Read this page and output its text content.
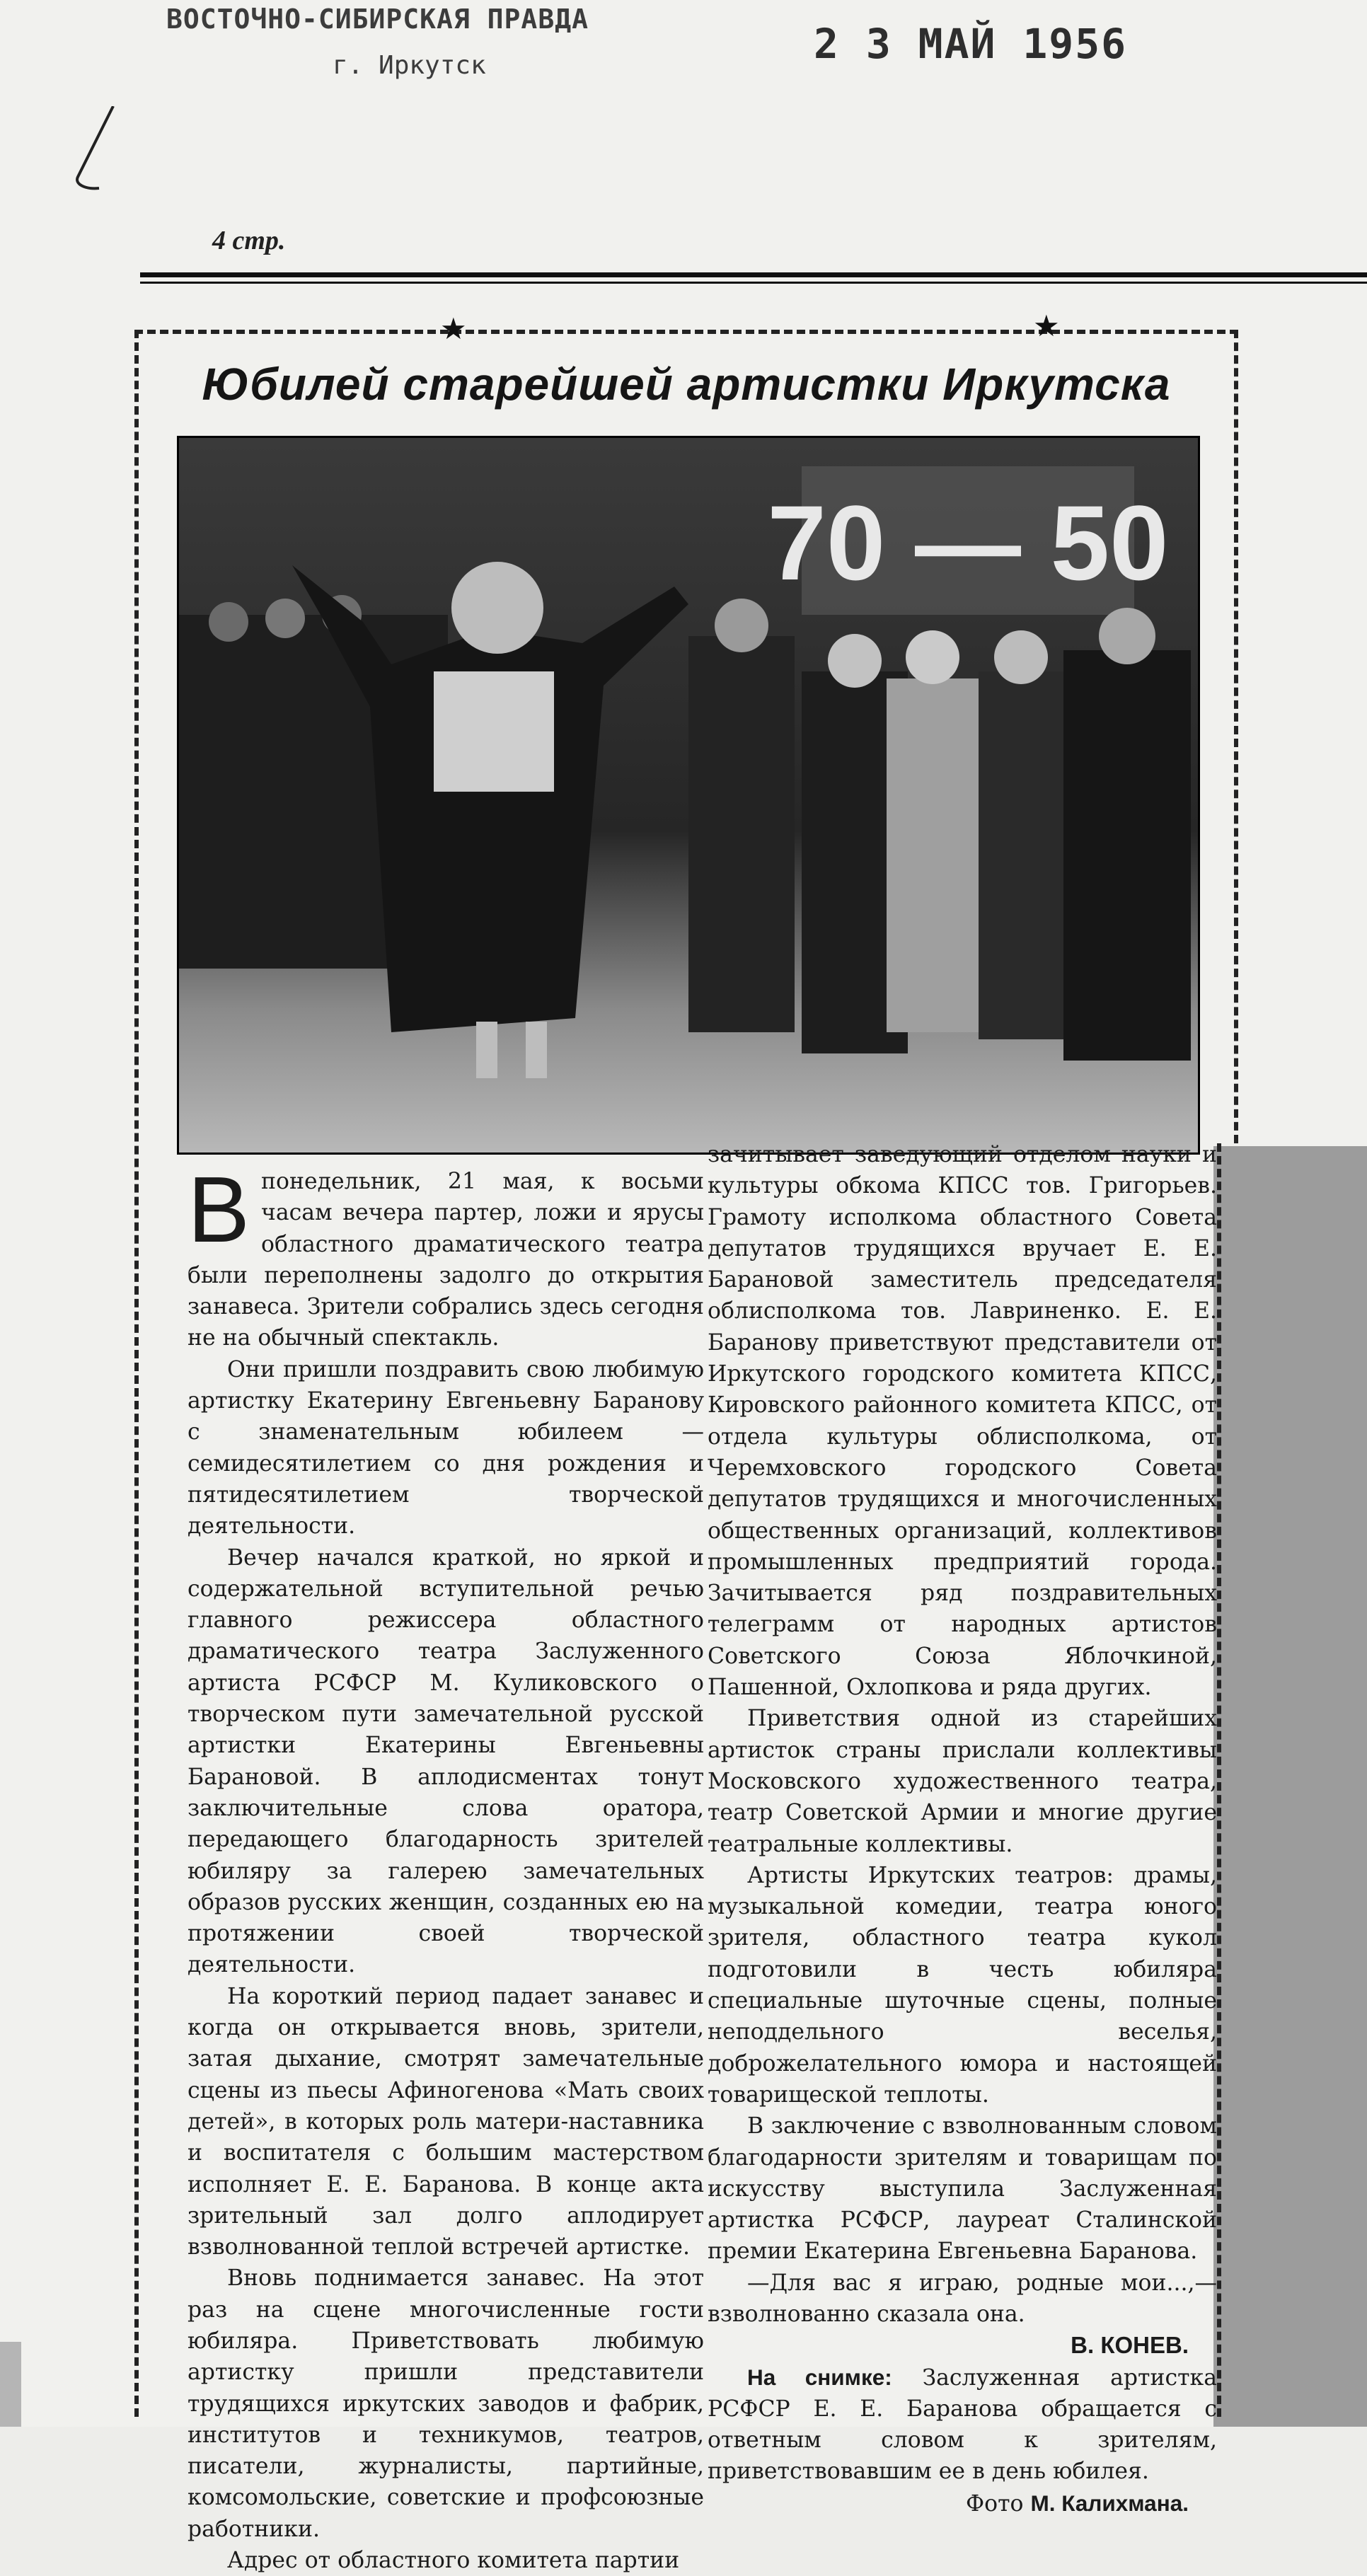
ВОСТОЧНО-СИБИРСКАЯ ПРАВДА
г. Иркутск	2 3 МАЙ 1956
4 стр.
★	★
Юбилей старейшей артистки Иркутска
70 — 50

В понедельник, 21 мая, к восьми часам вечера партер, ложи и ярусы областного драматического театра были переполнены задолго до открытия занавеса. Зрители собрались здесь сегодня не на обычный спектакль.

Они пришли поздравить свою любимую артистку Екатерину Евгеньевну Баранову с знаменательным юбилеем — семидесятилетием со дня рождения и пятидесятилетием творческой деятельности.

Вечер начался краткой, но яркой и содержательной вступительной речью главного режиссера областного драматического театра Заслуженного артиста РСФСР М. Куликовского о творческом пути замечательной русской артистки Екатерины Евгеньевны Барановой. В аплодисментах тонут заключительные слова оратора, передающего благодарность зрителей юбиляру за галерею замечательных образов русских женщин, созданных ею на протяжении своей творческой деятельности.

На короткий период падает занавес и когда он открывается вновь, зрители, затая дыхание, смотрят замечательные сцены из пьесы Афиногенова «Мать своих детей», в которых роль матери-наставника и воспитателя с большим мастерством исполняет Е. Е. Баранова. В конце акта зрительный зал долго аплодирует взволнованной теплой встречей артистке.

Вновь поднимается занавес. На этот раз на сцене многочисленные гости юбиляра. Приветствовать любимую артистку пришли представители трудящихся иркутских заводов и фабрик, институтов и техникумов, театров, писатели, журналисты, партийные, комсомольские, советские и профсоюзные работники.

Адрес от областного комитета партии

зачитывает заведующий отделом науки и культуры обкома КПСС тов. Григорьев. Грамоту исполкома областного Совета депутатов трудящихся вручает Е. Е. Барановой заместитель председателя облисполкома тов. Лавриненко. Е. Е. Баранову приветствуют представители от Иркутского городского комитета КПСС, Кировского районного комитета КПСС, от отдела культуры облисполкома, от Черемховского городского Совета депутатов трудящихся и многочисленных общественных организаций, коллективов промышленных предприятий города. Зачитывается ряд поздравительных телеграмм от народных артистов Советского Союза Яблочкиной, Пашенной, Охлопкова и ряда других.

Приветствия одной из старейших артисток страны прислали коллективы Московского художественного театра, театр Советской Армии и многие другие театральные коллективы.

Артисты Иркутских театров: драмы, музыкальной комедии, театра юного зрителя, областного театра кукол подготовили в честь юбиляра специальные шуточные сцены, полные неподдельного веселья, доброжелательного юмора и настоящей товарищеской теплоты.

В заключение с взволнованным словом благодарности зрителям и товарищам по искусству выступила Заслуженная артистка РСФСР, лауреат Сталинской премии Екатерина Евгеньевна Баранова.

—Для вас я играю, родные мои...,— взволнованно сказала она.

В. КОНЕВ.

На снимке: Заслуженная артистка РСФСР Е. Е. Баранова обращается с ответным словом к зрителям, приветствовавшим ее в день юбилея.

Фото М. Калихмана.
